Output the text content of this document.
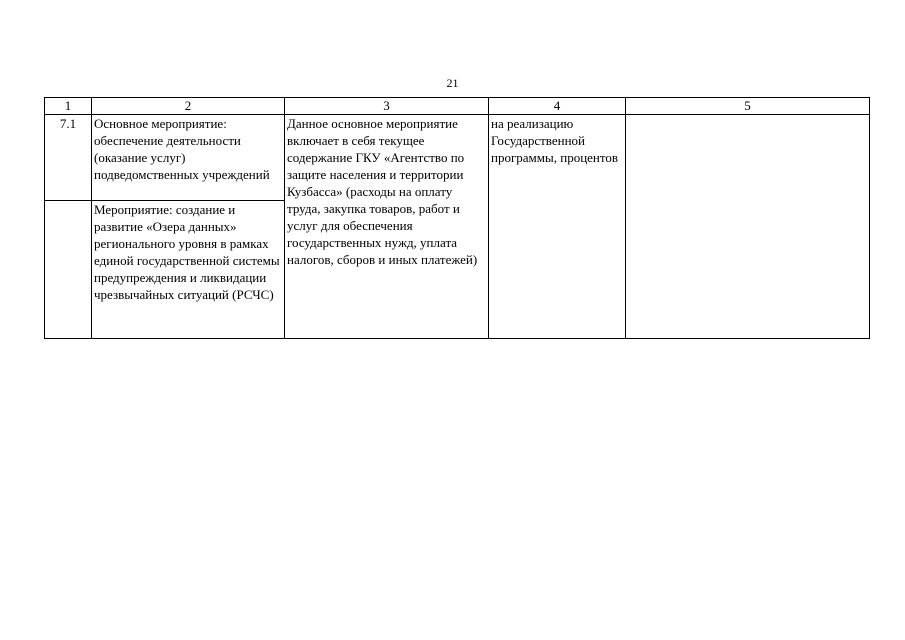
21
1	2	3	4	5
7.1	Основное мероприятие: обеспечение деятельности (оказание услуг) подведомственных учреждений	Данное основное мероприятие включает в себя текущее содержание ГКУ «Агентство по защите населения и территории Кузбасса» (расходы на оплату труда, закупка товаров, работ и услуг для обеспечения государственных нужд, уплата налогов, сборов и иных платежей)	на реализацию Государственной программы, процентов	
	Мероприятие: создание и развитие «Озера данных» регионального уровня в рамках единой государственной системы предупреждения и ликвидации чрезвычайных ситуаций (РСЧС)			
